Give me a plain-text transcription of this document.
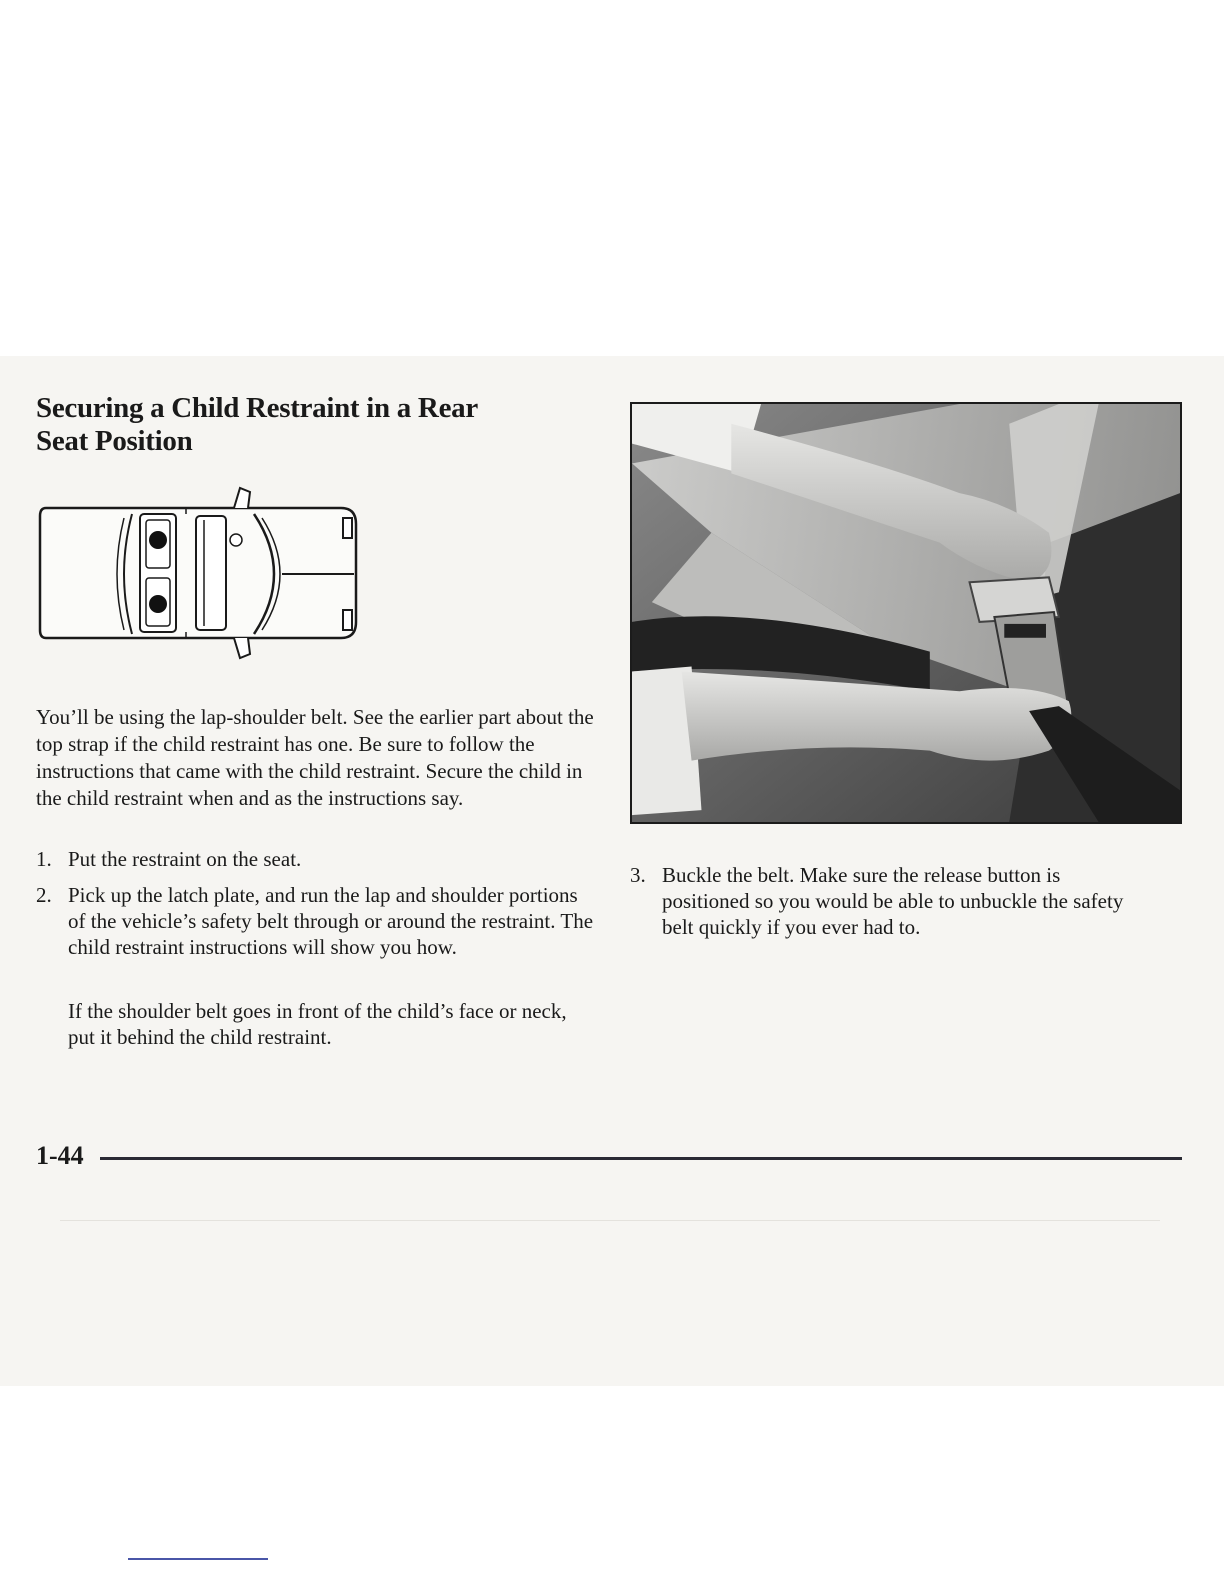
Securing a Child Restraint in a Rear
Seat Position

You’ll be using the lap-shoulder belt. See the earlier part about the top strap if the child restraint has one. Be sure to follow the instructions that came with the child restraint. Secure the child in the child restraint when and as the instructions say.

1. Put the restraint on the seat.
2. Pick up the latch plate, and run the lap and shoulder portions of the vehicle’s safety belt through or around the restraint. The child restraint instructions will show you how.

If the shoulder belt goes in front of the child’s face or neck, put it behind the child restraint.

3. Buckle the belt. Make sure the release button is positioned so you would be able to unbuckle the safety belt quickly if you ever had to.
1-44
